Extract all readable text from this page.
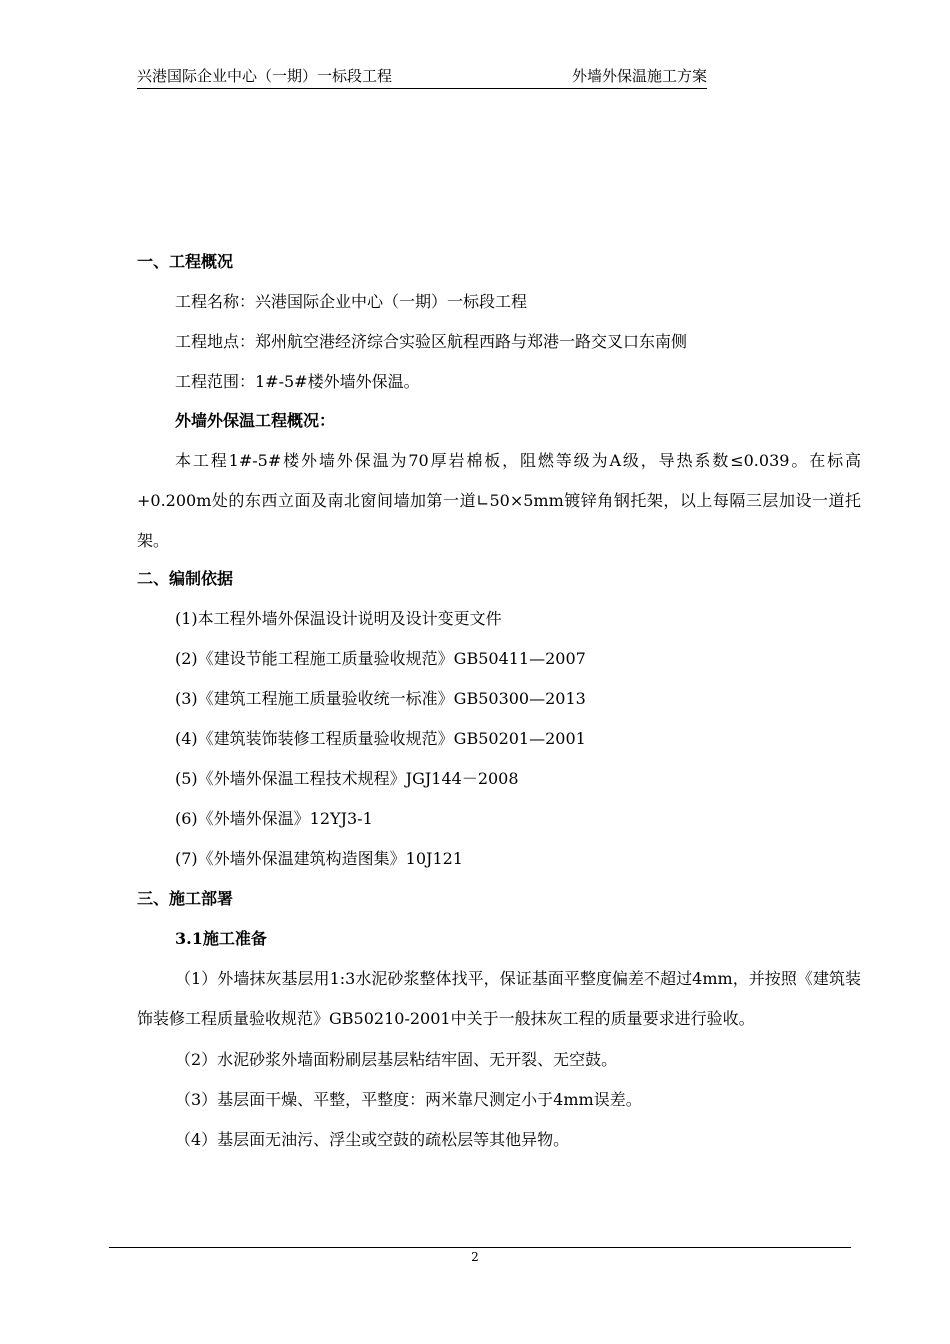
兴港国际企业中心（一期）一标段工程	外墙外保温施工方案

一、工程概况

工程名称：兴港国际企业中心（一期）一标段工程

工程地点：郑州航空港经济综合实验区航程西路与郑港一路交叉口东南侧

工程范围：1#-5#楼外墙外保温。

外墙外保温工程概况：

本工程1#-5#楼外墙外保温为70厚岩棉板，阻燃等级为A级，导热系数≤0.039。在标高+0.200m处的东西立面及南北窗间墙加第一道∟50×5mm镀锌角钢托架，以上每隔三层加设一道托架。

二、编制依据

(1)本工程外墙外保温设计说明及设计变更文件

(2)《建设节能工程施工质量验收规范》GB50411—2007

(3)《建筑工程施工质量验收统一标准》GB50300—2013

(4)《建筑装饰装修工程质量验收规范》GB50201—2001

(5)《外墙外保温工程技术规程》JGJ144－2008

(6)《外墙外保温》12YJ3-1

(7)《外墙外保温建筑构造图集》10J121

三、施工部署

3.1施工准备

（1）外墙抹灰基层用1:3水泥砂浆整体找平，保证基面平整度偏差不超过4mm，并按照《建筑装饰装修工程质量验收规范》GB50210-2001中关于一般抹灰工程的质量要求进行验收。

（2）水泥砂浆外墙面粉刷层基层粘结牢固、无开裂、无空鼓。

（3）基层面干燥、平整，平整度：两米靠尺测定小于4mm误差。

（4）基层面无油污、浮尘或空鼓的疏松层等其他异物。

2
